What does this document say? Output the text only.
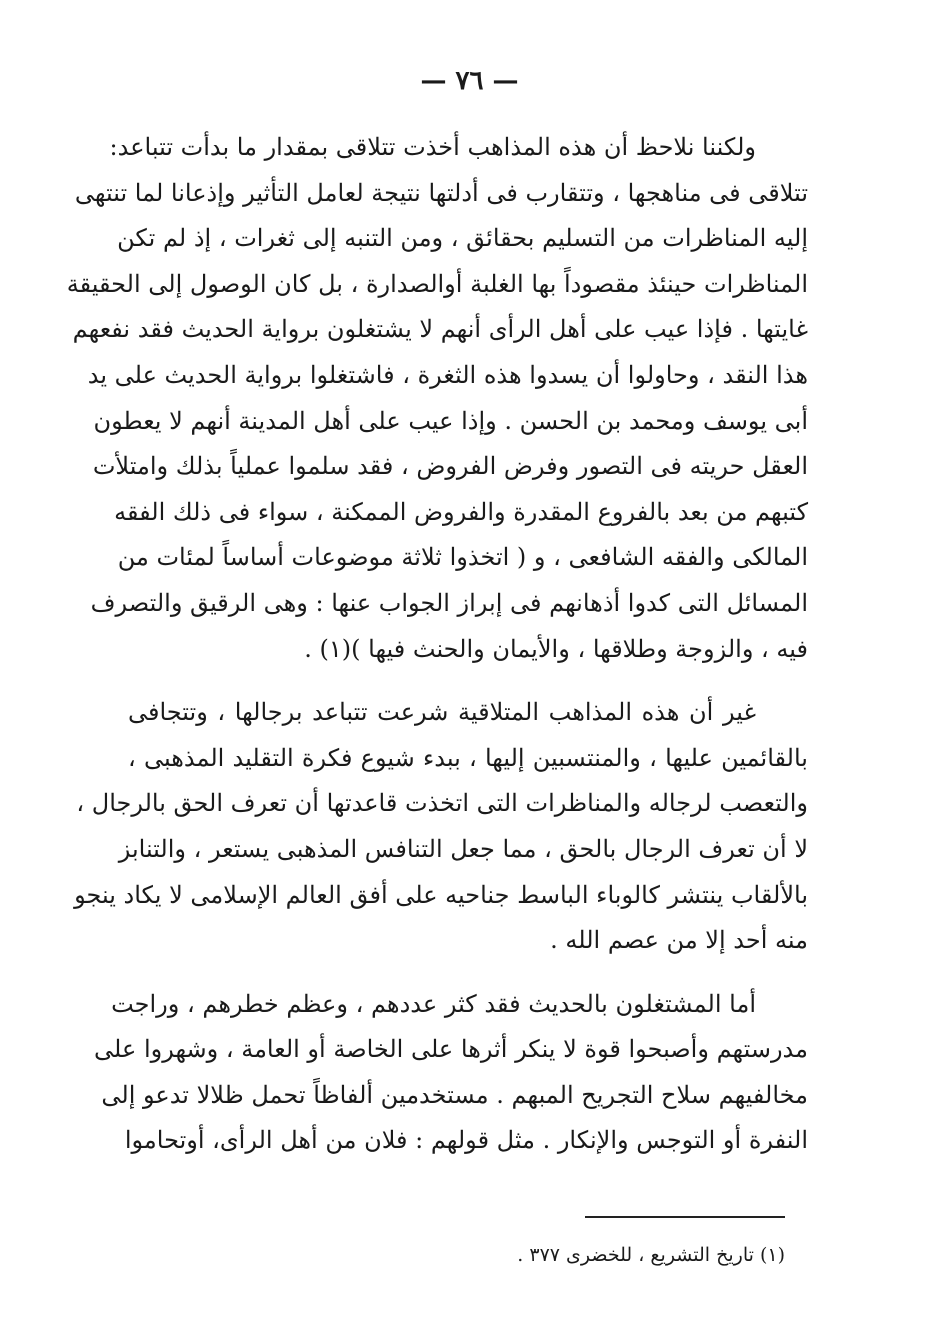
— ٧٦ —
ولكننا نلاحظ أن هذه المذاهب أخذت تتلاقى بمقدار ما بدأت تتباعد:
تتلاقى فى مناهجها ، وتتقارب فى أدلتها نتيجة لعامل التأثير وإذعانا لما تنتهى
إليه المناظرات من التسليم بحقائق ، ومن التنبه إلى ثغرات ، إذ لم تكن
المناظرات حينئذ مقصوداً بها الغلبة أوالصدارة ، بل كان الوصول إلى الحقيقة
غايتها . فإذا عيب على أهل الرأى أنهم لا يشتغلون برواية الحديث فقد نفعهم
هذا النقد ، وحاولوا أن يسدوا هذه الثغرة ، فاشتغلوا برواية الحديث على يد
أبى يوسف ومحمد بن الحسن . وإذا عيب على أهل المدينة أنهم لا يعطون
العقل حريته فى التصور وفرض الفروض ، فقد سلموا عملياً بذلك وامتلأت
كتبهم من بعد بالفروع المقدرة والفروض الممكنة ، سواء فى ذلك الفقه
المالكى والفقه الشافعى ، و ( اتخذوا ثلاثة موضوعات أساساً لمئات من
المسائل التى كدوا أذهانهم فى إبراز الجواب عنها : وهى الرقيق والتصرف
فيه ، والزوجة وطلاقها ، والأيمان والحنث فيها )(١) .
غير أن هذه المذاهب المتلاقية شرعت تتباعد برجالها ، وتتجافى
بالقائمين عليها ، والمنتسبين إليها ، ببدء شيوع فكرة التقليد المذهبى ،
والتعصب لرجاله والمناظرات التى اتخذت قاعدتها أن تعرف الحق بالرجال ،
لا أن تعرف الرجال بالحق ، مما جعل التنافس المذهبى يستعر ، والتنابز
بالألقاب ينتشر كالوباء الباسط جناحيه على أفق العالم الإسلامى لا يكاد ينجو
منه أحد إلا من عصم الله .
أما المشتغلون بالحديث فقد كثر عددهم ، وعظم خطرهم ، وراجت
مدرستهم وأصبحوا قوة لا ينكر أثرها على الخاصة أو العامة ، وشهروا على
مخالفيهم سلاح التجريح المبهم . مستخدمين ألفاظاً تحمل ظلالا تدعو إلى
النفرة أو التوجس والإنكار . مثل قولهم : فلان من أهل الرأى، أوتحاموا
(١) تاريخ التشريع ، للخضرى ٣٧٧ .
